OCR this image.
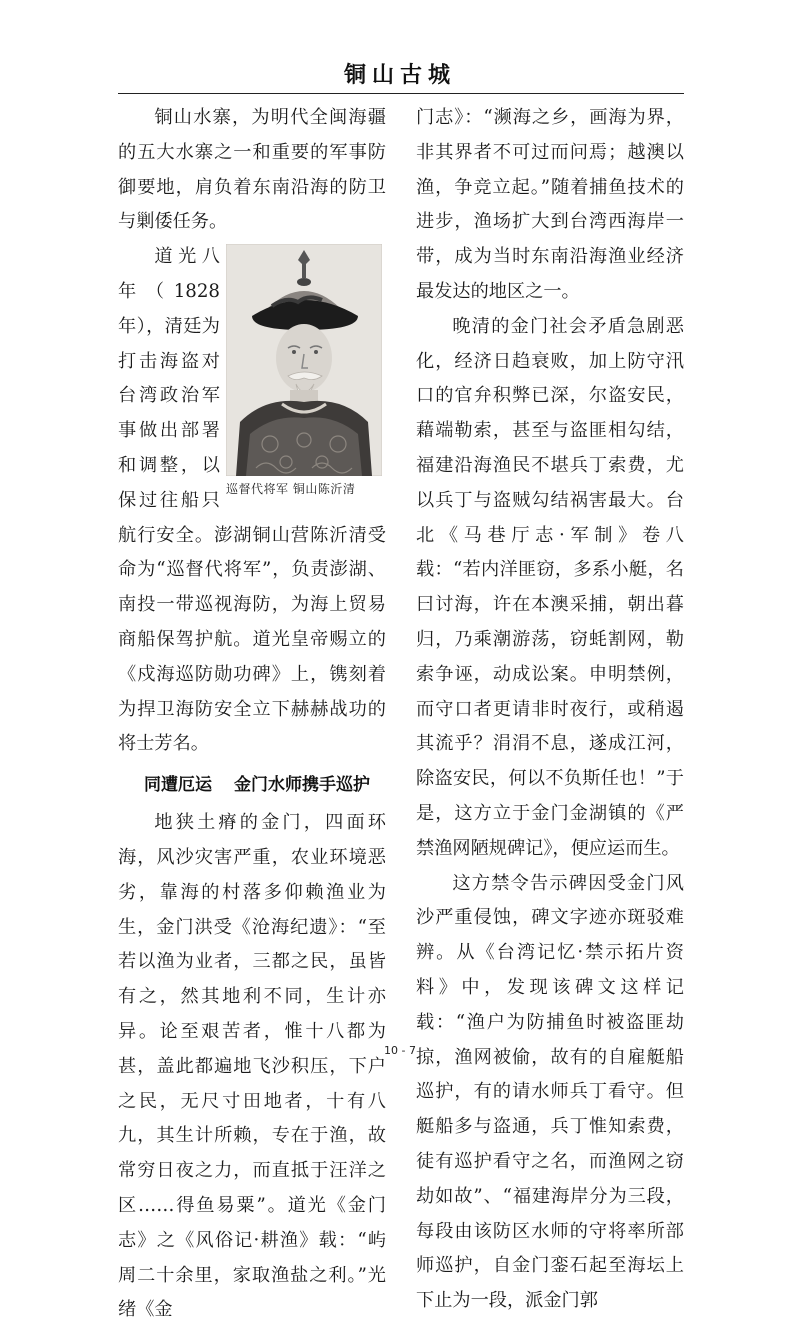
铜山古城

铜山水寨，为明代全闽海疆的五大水寨之一和重要的军事防御要地，肩负着东南沿海的防卫与剿倭任务。

巡督代将军 铜山陈沂清

道光八年（1828年），清廷为打击海盗对台湾政治军事做出部署和调整，以保过往船只航行安全。澎湖铜山营陈沂清受命为“巡督代将军”，负责澎湖、南投一带巡视海防，为海上贸易商船保驾护航。道光皇帝赐立的《戍海巡防勋功碑》上，镌刻着为捍卫海防安全立下赫赫战功的将士芳名。

同遭厄运 金门水师携手巡护

地狭土瘠的金门，四面环海，风沙灾害严重，农业环境恶劣，靠海的村落多仰赖渔业为生，金门洪受《沧海纪遗》：“至若以渔为业者，三都之民，虽皆有之，然其地利不同，生计亦异。论至艰苦者，惟十八都为甚，盖此都遍地飞沙积压，下户之民，无尺寸田地者，十有八九，其生计所赖，专在于渔，故常穷日夜之力，而直抵于汪洋之区……得鱼易粟”。道光《金门志》之《风俗记·耕渔》载：“屿周二十余里，家取渔盐之利。”光绪《金

门志》：“濒海之乡，画海为界，非其界者不可过而问焉；越澳以渔，争竞立起。”随着捕鱼技术的进步，渔场扩大到台湾西海岸一带，成为当时东南沿海渔业经济最发达的地区之一。

晚清的金门社会矛盾急剧恶化，经济日趋衰败，加上防守汛口的官弁积弊已深，尔盗安民，藉端勒索，甚至与盗匪相勾结，福建沿海渔民不堪兵丁索费，尤以兵丁与盗贼勾结祸害最大。台北《马巷厅志·军制》卷八载：“若内洋匪窃，多系小艇，名曰讨海，许在本澳采捕，朝出暮归，乃乘潮游荡，窃蚝割网，勒索争诬，动成讼案。申明禁例，而守口者更请非时夜行，或稍遏其流乎？涓涓不息，遂成江河，除盗安民，何以不负斯任也！”于是，这方立于金门金湖镇的《严禁渔网陋规碑记》，便应运而生。

这方禁令告示碑因受金门风沙严重侵蚀，碑文字迹亦斑驳难辨。从《台湾记忆·禁示拓片资料》中，发现该碑文这样记载：“渔户为防捕鱼时被盗匪劫掠，渔网被偷，故有的自雇艇船巡护，有的请水师兵丁看守。但艇船多与盗通，兵丁惟知索费，徒有巡护看守之名，而渔网之窃劫如故”、“福建海岸分为三段，每段由该防区水师的守将率所部师巡护，自金门銮石起至海坛上下止为一段，派金门郭

10 - 7
